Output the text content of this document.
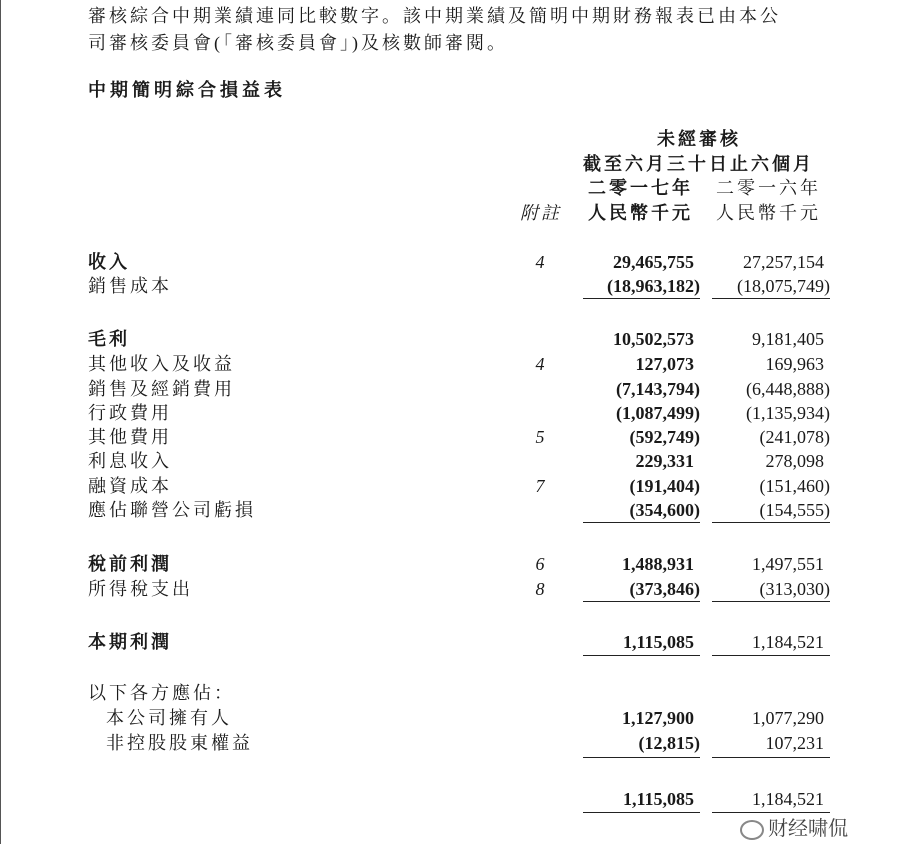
審核綜合中期業績連同比較數字。該中期業績及簡明中期財務報表已由本公
司審核委員會(「審核委員會」)及核數師審閱。
中期簡明綜合損益表
未經審核
截至六月三十日止六個月
二零一七年 二零一六年
附註 人民幣千元 人民幣千元
收入	4	29,465,755	27,257,154
銷售成本	(18,963,182) (18,075,749)
毛利	10,502,573	9,181,405
其他收入及收益	4	127,073	169,963
銷售及經銷費用	(7,143,794)	(6,448,888)
行政費用	(1,087,499)	(1,135,934)
其他費用	5	(592,749)	(241,078)
利息收入	229,331	278,098
融資成本	7	(191,404)	(151,460)
應佔聯營公司虧損	(354,600)	(154,555)
稅前利潤	6	1,488,931	1,497,551
所得稅支出	8	(373,846)	(313,030)
本期利潤	1,115,085	1,184,521
以下各方應佔：
本公司擁有人	1,127,900	1,077,290
非控股股東權益	(12,815)	107,231
1,115,085	1,184,521
财经啸侃
